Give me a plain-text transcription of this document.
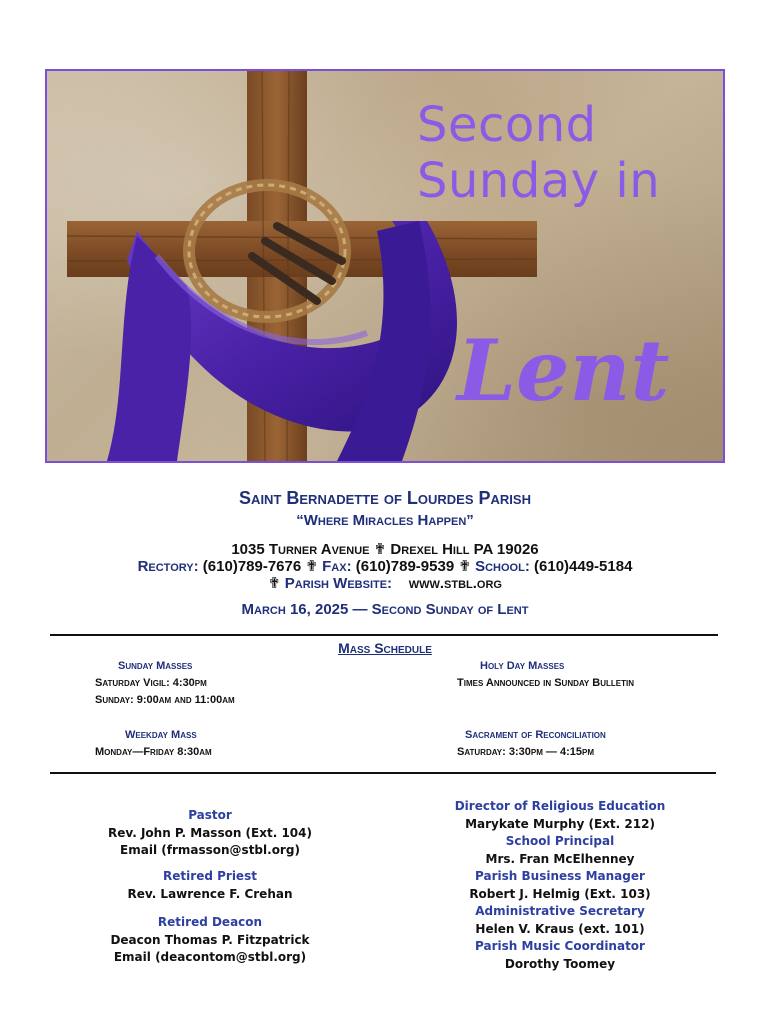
Second
Sunday in
Lent
Saint Bernadette of Lourdes Parish
“Where Miracles Happen”
1035 Turner Avenue ✟ Drexel Hill PA 19026
Rectory: (610)789-7676 ✟ Fax: (610)789-9539 ✟ School: (610)449-5184
✟ Parish Website: www.stbl.org
March 16, 2025 — Second Sunday of Lent
Mass Schedule
Sunday Masses
Saturday Vigil: 4:30pm
Sunday: 9:00am and 11:00am
Holy Day Masses
Times Announced in Sunday Bulletin
Weekday Mass
Monday—Friday 8:30am
Sacrament of Reconciliation
Saturday: 3:30pm — 4:15pm
Pastor
Rev. John P. Masson (Ext. 104)
Email (frmasson@stbl.org)
Retired Priest
Rev. Lawrence F. Crehan
Retired Deacon
Deacon Thomas P. Fitzpatrick
Email (deacontom@stbl.org)
Director of Religious Education
Marykate Murphy (Ext. 212)
School Principal
Mrs. Fran McElhenney
Parish Business Manager
Robert J. Helmig (Ext. 103)
Administrative Secretary
Helen V. Kraus (ext. 101)
Parish Music Coordinator
Dorothy Toomey
